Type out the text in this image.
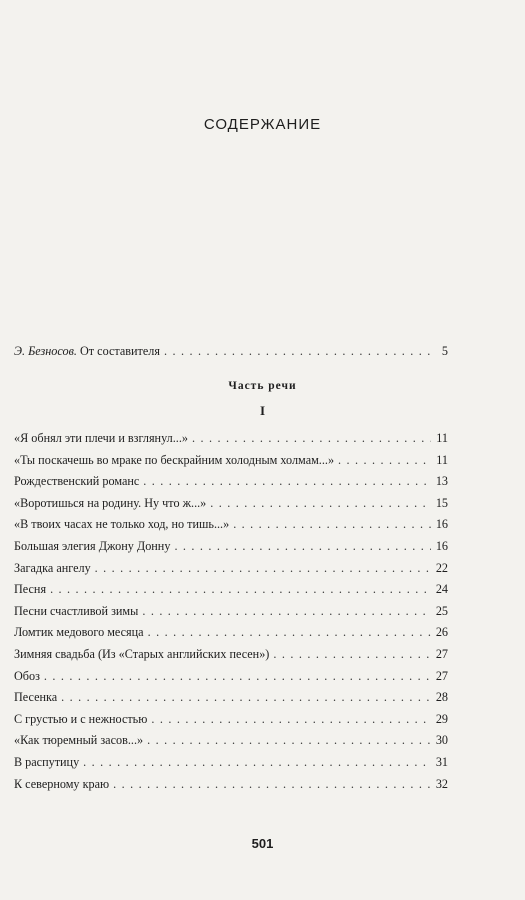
СОДЕРЖАНИЕ
Э. Безносов. От составителя . . .	5
Часть речи
I
«Я обнял эти плечи и взглянул...» . . .	11
«Ты поскачешь во мраке по бескрайним холодным холмам...» . . .	11
Рождественский романс . . .	13
«Воротишься на родину. Ну что ж...» . . .	15
«В твоих часах не только ход, но тишь...» . . .	16
Большая элегия Джону Донну . . .	16
Загадка ангелу . . .	22
Песня . . .	24
Песни счастливой зимы . . .	25
Ломтик медового месяца . . .	26
Зимняя свадьба (Из «Старых английских песен») . . .	27
Обоз . . .	27
Песенка . . .	28
С грустью и с нежностью . . .	29
«Как тюремный засов...» . . .	30
В распутицу . . .	31
К северному краю . . .	32
501
